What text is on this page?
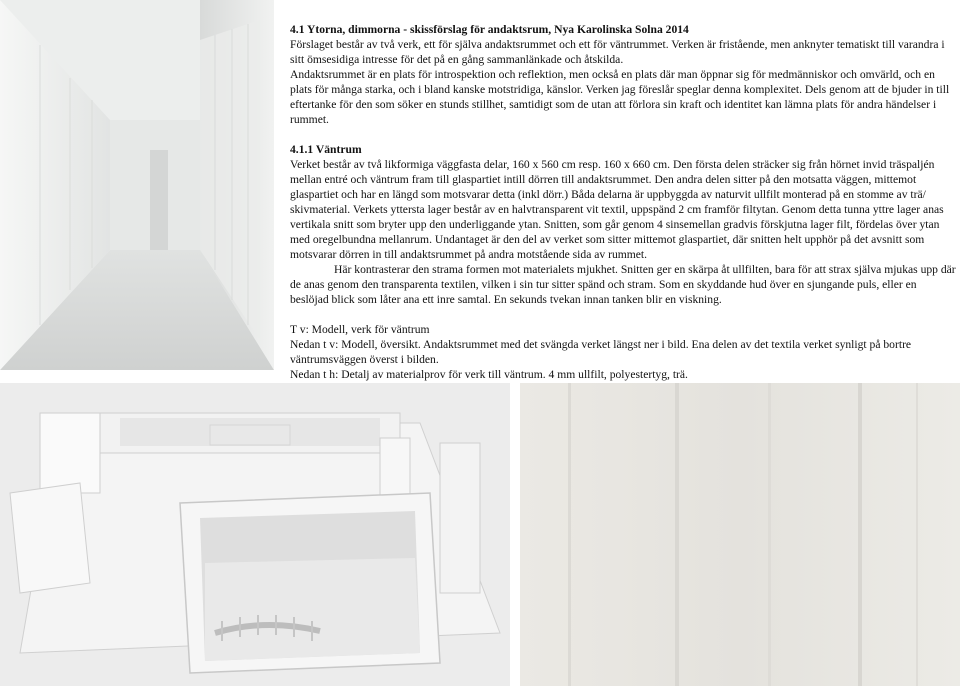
4.1 Ytorna, dimmorna - skissförslag för andaktsrum, Nya Karolinska Solna 2014

Förslaget består av två verk, ett för själva andaktsrummet och ett för väntrummet. Verken är fristående, men anknyter tematiskt till varandra i sitt ömsesidiga intresse för det på en gång sammanlänkade och åtskilda.

Andaktsrummet är en plats för introspektion och reflektion, men också en plats där man öppnar sig för medmänniskor och omvärld, och en plats för många starka, och i bland kanske motstridiga, känslor. Verken jag föreslår speglar denna komplexitet. Dels genom att de bjuder in till eftertanke för den som söker en stunds stillhet, samtidigt som de utan att förlora sin kraft och identitet kan lämna plats för andra händelser i rummet.

4.1.1 Väntrum

Verket består av två likformiga väggfasta delar, 160 x 560 cm resp. 160 x 660 cm. Den första delen sträcker sig från hörnet invid träspaljén mellan entré och väntrum fram till glaspartiet intill dörren till andaktsrummet. Den andra delen sitter på den motsatta väggen, mittemot glaspartiet och har en längd som motsvarar detta (inkl dörr.) Båda delarna är uppbyggda av naturvit ullfilt monterad på en stomme av trä/ skivmaterial. Verkets yttersta lager består av en halvtransparent vit textil, uppspänd 2 cm framför filtytan. Genom detta tunna yttre lager anas vertikala snitt som bryter upp den underliggande ytan. Snitten, som går genom 4 sinsemellan gradvis förskjutna lager filt, fördelas över ytan med oregelbundna mellanrum. Undantaget är den del av verket som sitter mittemot glaspartiet, där snitten helt upphör på det avsnitt som motsvarar dörren in till andaktsrummet på andra motstående sida av rummet.

Här kontrasterar den strama formen mot materialets mjukhet. Snitten ger en skärpa åt ullfilten, bara för att strax själva mjukas upp där de anas genom den transparenta textilen, vilken i sin tur sitter spänd och stram. Som en skyddande hud över en sjungande puls, eller en beslöjad blick som låter ana ett inre samtal. En sekunds tvekan innan tanken blir en viskning.

T v: Modell, verk för väntrum

Nedan t v: Modell, översikt. Andaktsrummet med det svängda verket längst ner i bild. Ena delen av det textila verket synligt på bortre väntrumsväggen överst i bilden.

Nedan t h: Detalj av materialprov för verk till väntrum. 4 mm ullfilt, polyestertyg, trä.
